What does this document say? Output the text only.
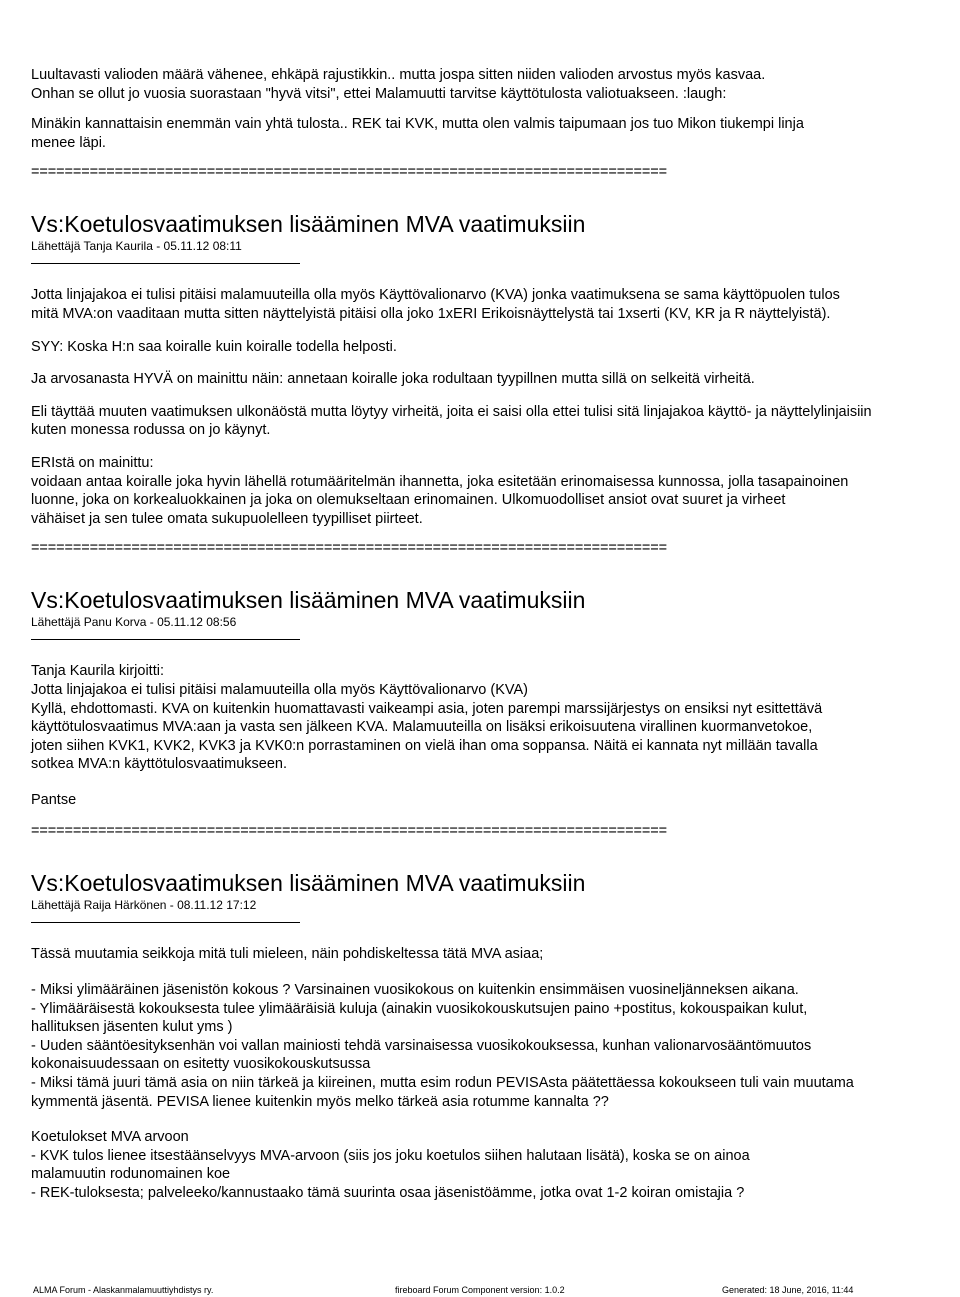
Luultavasti valioden määrä vähenee, ehkäpä rajustikkin.. mutta jospa sitten niiden valioden arvostus myös kasvaa.

Onhan se ollut jo vuosia suorastaan "hyvä vitsi", ettei Malamuutti tarvitse käyttötulosta valiotuakseen. :laugh:

Minäkin kannattaisin enemmän vain yhtä tulosta.. REK tai KVK, mutta olen valmis taipumaan jos tuo Mikon tiukempi linja

menee läpi.

============================================================================

Vs:Koetulosvaatimuksen lisääminen MVA vaatimuksiin

Lähettäjä Tanja Kaurila - 05.11.12 08:11

Jotta linjajakoa ei tulisi pitäisi malamuuteilla olla myös Käyttövalionarvo (KVA) jonka vaatimuksena se sama käyttöpuolen tulos

mitä MVA:on vaaditaan mutta sitten näyttelyistä pitäisi olla joko 1xERI Erikoisnäyttelystä tai 1xserti (KV, KR ja R näyttelyistä).

SYY: Koska H:n saa koiralle kuin koiralle todella helposti.

Ja arvosanasta HYVÄ on mainittu näin: annetaan koiralle joka rodultaan tyypillnen mutta sillä on selkeitä virheitä.

Eli täyttää muuten vaatimuksen ulkonäöstä mutta löytyy virheitä, joita ei saisi olla ettei tulisi sitä linjajakoa käyttö- ja näyttelylinjaisiin

kuten monessa rodussa on jo käynyt.

ERIstä on mainittu:

voidaan antaa koiralle joka hyvin lähellä rotumääritelmän ihannetta, joka esitetään erinomaisessa kunnossa, jolla tasapainoinen

luonne, joka on korkealuokkainen ja joka on olemukseltaan erinomainen. Ulkomuodolliset ansiot ovat suuret ja virheet

vähäiset ja sen tulee omata sukupuolelleen tyypilliset piirteet.

============================================================================

Vs:Koetulosvaatimuksen lisääminen MVA vaatimuksiin

Lähettäjä Panu Korva - 05.11.12 08:56

Tanja Kaurila kirjoitti:

Jotta linjajakoa ei tulisi pitäisi malamuuteilla olla myös Käyttövalionarvo (KVA)

Kyllä, ehdottomasti. KVA on kuitenkin huomattavasti vaikeampi asia, joten parempi marssijärjestys on ensiksi nyt esittettävä

käyttötulosvaatimus MVA:aan ja vasta sen jälkeen KVA. Malamuuteilla on lisäksi erikoisuutena virallinen kuormanvetokoe,

joten siihen KVK1, KVK2, KVK3 ja KVK0:n porrastaminen on vielä ihan oma soppansa. Näitä ei kannata nyt millään tavalla

sotkea MVA:n käyttötulosvaatimukseen.

Pantse

============================================================================

Vs:Koetulosvaatimuksen lisääminen MVA vaatimuksiin

Lähettäjä Raija Härkönen - 08.11.12 17:12

Tässä muutamia seikkoja mitä tuli mieleen, näin pohdiskeltessa tätä MVA asiaa;

- Miksi ylimääräinen jäsenistön kokous ? Varsinainen vuosikokous on kuitenkin ensimmäisen vuosineljänneksen aikana.

- Ylimääräisestä kokouksesta tulee ylimääräisiä kuluja (ainakin vuosikokouskutsujen paino +postitus, kokouspaikan kulut,

hallituksen jäsenten kulut yms )

- Uuden sääntöesityksenhän voi vallan mainiosti tehdä varsinaisessa vuosikokouksessa, kunhan valionarvosääntömuutos

kokonaisuudessaan on esitetty vuosikokouskutsussa

- Miksi tämä juuri tämä asia on niin tärkeä ja kiireinen, mutta esim rodun PEVISAsta päätettäessa kokoukseen tuli vain muutama

kymmentä jäsentä. PEVISA lienee kuitenkin myös melko tärkeä asia rotumme kannalta ??

Koetulokset MVA arvoon

- KVK tulos lienee itsestäänselvyys MVA-arvoon (siis jos joku koetulos siihen halutaan lisätä), koska se on ainoa

malamuutin rodunomainen koe

- REK-tuloksesta; palveleeko/kannustaako tämä suurinta osaa jäsenistöämme, jotka ovat 1-2 koiran omistajia ?

ALMA Forum - Alaskanmalamuuttiyhdistys ry.	fireboard Forum Component version: 1.0.2	Generated: 18 June, 2016, 11:44
